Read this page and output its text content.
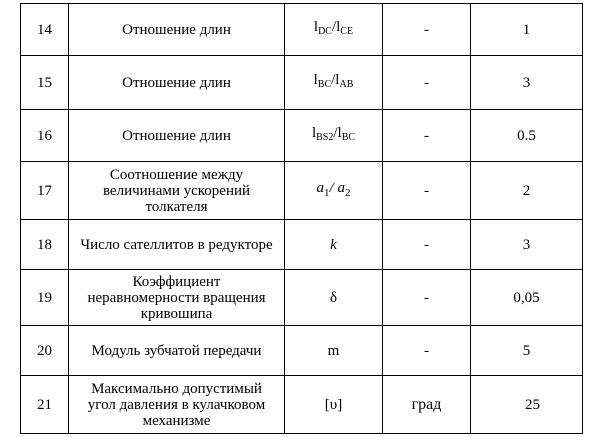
14	Отношение длин	$l_{DC}/l_{CE}$	-	1
15	Отношение длин	$l_{BC}/l_{AB}$	-	3
16	Отношение длин	$l_{BS2}/l_{BC}$	-	0.5
17	Соотношение между
величинами ускорений
толкателя	$a_1/$ $a_2$	-	2
18	Число сателлитов в редукторе	k	-	3
19	Коэффициент
неравномерности вращения
кривошипа	δ	-	0,05
20	Модуль зубчатой передачи	m	-	5
21	Максимально допустимый
угол давления в кулачковом
механизме	[υ]	град	25
